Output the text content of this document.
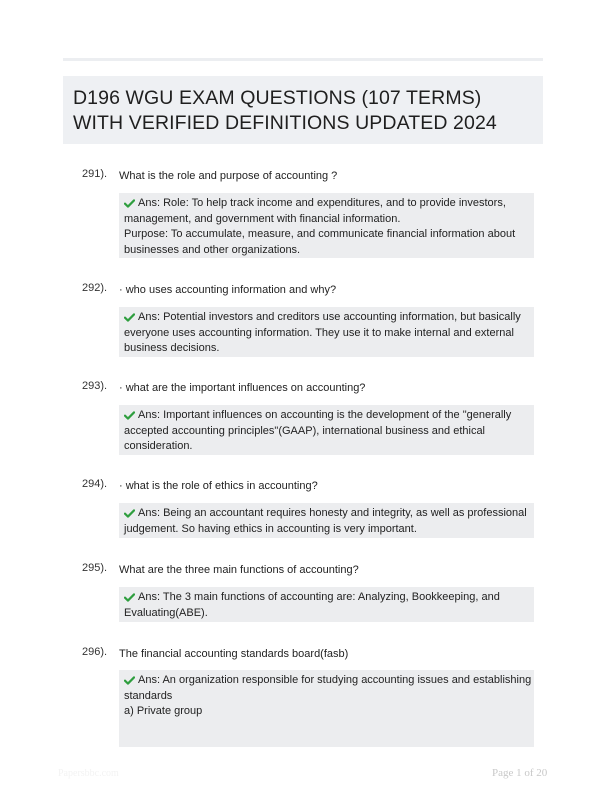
D196 WGU EXAM QUESTIONS (107 TERMS)
WITH VERIFIED DEFINITIONS UPDATED 2024
291). What is the role and purpose of accounting ?
Ans: Role: To help track income and expenditures, and to provide investors,
management, and government with financial information.
Purpose: To accumulate, measure, and communicate financial information about
businesses and other organizations.
292). · who uses accounting information and why?
Ans: Potential investors and creditors use accounting information, but basically
everyone uses accounting information. They use it to make internal and external
business decisions.
293). · what are the important influences on accounting?
Ans: Important influences on accounting is the development of the "generally
accepted accounting principles"(GAAP), international business and ethical
consideration.
294). · what is the role of ethics in accounting?
Ans: Being an accountant requires honesty and integrity, as well as professional
judgement. So having ethics in accounting is very important.
295). What are the three main functions of accounting?
Ans: The 3 main functions of accounting are: Analyzing, Bookkeeping, and
Evaluating(ABE).
296). The financial accounting standards board(fasb)
Ans: An organization responsible for studying accounting issues and establishing
standards
a) Private group
Papersbbc.com	Page 1 of 20
